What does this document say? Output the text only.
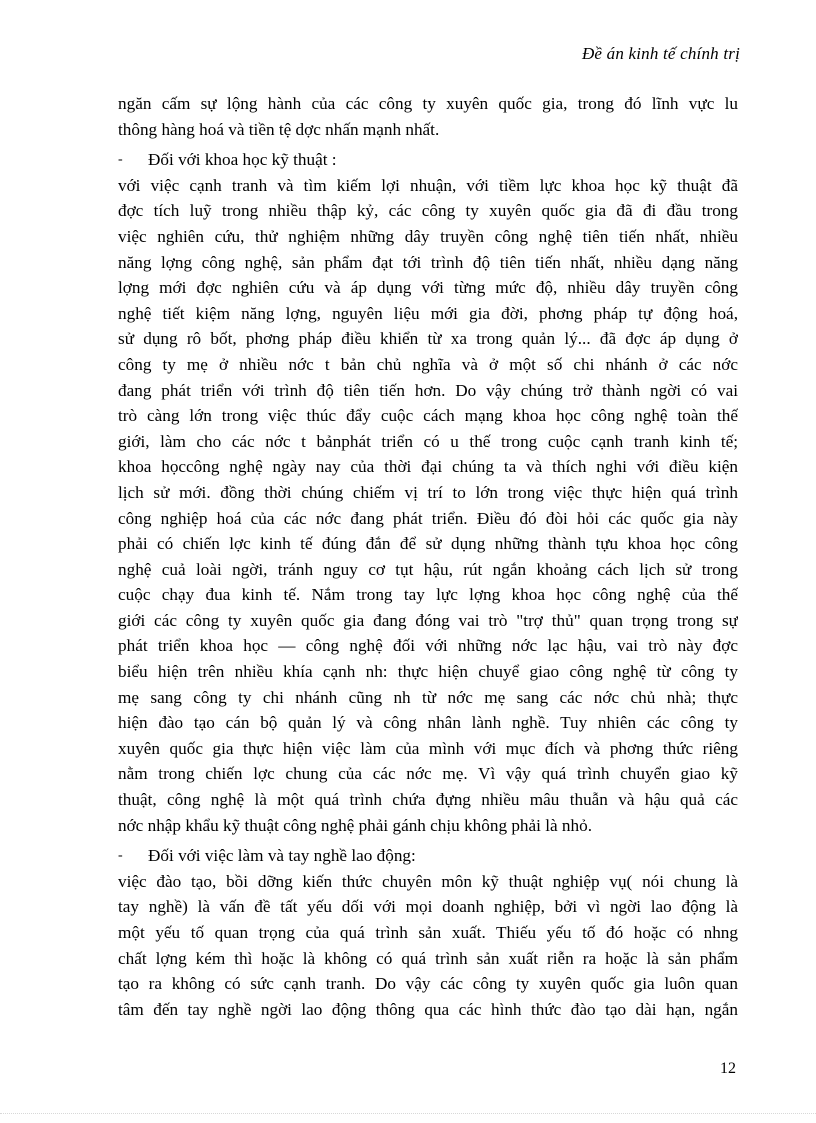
Đề án kinh tế chính trị
ngăn cấm sự lộng hành của các công ty xuyên quốc gia, trong đó lĩnh vực lu
thông hàng hoá và tiền tệ dợc nhấn mạnh nhất.
- Đối với khoa học kỹ thuật :
với việc cạnh tranh và tìm kiếm lợi nhuận, với tiềm lực khoa học kỹ thuật đã
đợc tích luỹ trong nhiều thập kỷ, các công ty xuyên quốc gia đã đi đầu trong
việc nghiên cứu, thử nghiệm những dây truyền công nghệ tiên tiến nhất, nhiều
năng lợng công nghệ, sản phẩm đạt tới trình độ tiên tiến nhất, nhiều dạng năng
lợng mới đợc nghiên cứu và áp dụng với từng mức độ, nhiều dây truyền công
nghệ tiết kiệm năng lợng, nguyên liệu mới gia đời, phơng pháp tự động hoá,
sử dụng rô bốt, phơng pháp điều khiển từ xa trong quản lý... đã đợc áp dụng ở
công ty mẹ ở nhiều nớc t bản chủ nghĩa và ở một số chi nhánh ở các nớc
đang phát triển với trình độ tiên tiến hơn. Do vậy chúng trở thành ngời có vai
trò càng lớn trong việc thúc đẩy cuộc cách mạng khoa học công nghệ toàn thế
giới, làm cho các nớc t bảnphát triển có u thế trong cuộc cạnh tranh kinh tế;
khoa họccông nghệ ngày nay của thời đại chúng ta và thích nghi với điều kiện
lịch sử mới. đồng thời chúng chiếm vị trí to lớn trong việc thực hiện quá trình
công nghiệp hoá của các nớc đang phát triển. Điều đó đòi hỏi các quốc gia này
phải có chiến lợc kinh tế đúng đắn để sử dụng những thành tựu khoa học công
nghệ cuả loài ngời, tránh nguy cơ tụt hậu, rút ngắn khoảng cách lịch sử trong
cuộc chạy đua kinh tế. Nắm trong tay lực lợng khoa học công nghệ của thế
giới các công ty xuyên quốc gia đang đóng vai trò "trợ thủ" quan trọng trong sự
phát triển khoa học — công nghệ đối với những nớc lạc hậu, vai trò này đợc
biểu hiện trên nhiều khía cạnh nh: thực hiện chuyể giao công nghệ từ công ty
mẹ sang công ty chi nhánh cũng nh từ nớc mẹ sang các nớc chủ nhà; thực
hiện đào tạo cán bộ quản lý và công nhân lành nghề. Tuy nhiên các công ty
xuyên quốc gia thực hiện việc làm của mình với mục đích và phơng thức riêng
nằm trong chiến lợc chung của các nớc mẹ. Vì vậy quá trình chuyển giao kỹ
thuật, công nghệ là một quá trình chứa đựng nhiều mâu thuẫn và hậu quả các
nớc nhập khẩu kỹ thuật công nghệ phải gánh chịu không phải là nhỏ.
- Đối với việc làm và tay nghề lao động:
việc đào tạo, bồi dỡng kiến thức chuyên môn kỹ thuật nghiệp vụ( nói chung là
tay nghề) là vấn đề tất yếu dối với mọi doanh nghiệp, bởi vì ngời lao động là
một yếu tố quan trọng của quá trình sản xuất. Thiếu yếu tố đó hoặc có nhng
chất lợng kém thì hoặc là không có quá trình sản xuất riễn ra hoặc là sản phẩm
tạo ra không có sức cạnh tranh. Do vậy các công ty xuyên quốc gia luôn quan
tâm đến tay nghề ngời lao động thông qua các hình thức đào tạo dài hạn, ngắn
12
